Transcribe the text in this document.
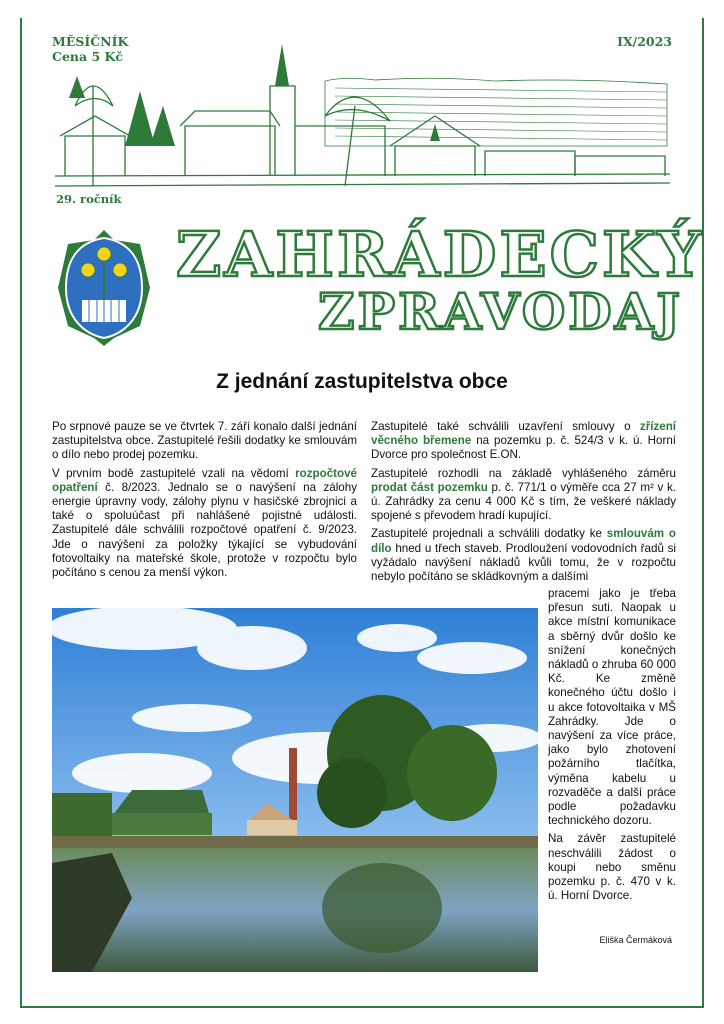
MĚSÍČNÍK
Cena 5 Kč
IX/2023
29. ročník
ZAHRÁDECKÝ
ZPRAVODAJ
Z jednání zastupitelstva obce

Po srpnové pauze se ve čtvrtek 7. září konalo další jednání zastupitelstva obce. Zastupitelé řešili dodatky ke smlouvám o dílo nebo prodej pozemku.

V prvním bodě zastupitelé vzali na vědomí rozpočtové opatření č. 8/2023. Jednalo se o navýšení na zálohy energie úpravny vody, zálohy plynu v hasičské zbrojnici a také o spoluúčast při nahlášené pojistné události. Zastupitelé dále schválili rozpočtové opatření č. 9/2023. Jde o navýšení za položky týkající se vybudování fotovoltaiky na mateřské škole, protože v rozpočtu bylo počítáno s cenou za menší výkon.

Zastupitelé také schválili uzavření smlouvy o zřízení věcného břemene na pozemku p. č. 524/3 v k. ú. Horní Dvorce pro společnost E.ON.

Zastupitelé rozhodli na základě vyhlášeného záměru prodat část pozemku p. č. 771/1 o výměře cca 27 m² v k. ú. Zahrádky za cenu 4 000 Kč s tím, že veškeré náklady spojené s převodem hradí kupující.

Zastupitelé projednali a schválili dodatky ke smlouvám o dílo hned u třech staveb. Prodloužení vodovodních řadů si vyžádalo navýšení nákladů kvůli tomu, že v rozpočtu nebylo počítáno se skládkovným a dalšími

pracemi jako je třeba přesun suti. Naopak u akce místní komunikace a sběrný dvůr došlo ke snížení konečných nákladů o zhruba 60 000 Kč. Ke změně konečného účtu došlo i u akce fotovoltaika v MŠ Zahrádky. Jde o navýšení za více práce, jako bylo zhotovení požárního tlačítka, výměna kabelu u rozvaděče a další práce podle požadavku technického dozoru.

Na závěr zastupitelé neschválili žádost o koupi nebo směnu pozemku p. č. 470 v k. ú. Horní Dvorce.

Eliška Čermáková
